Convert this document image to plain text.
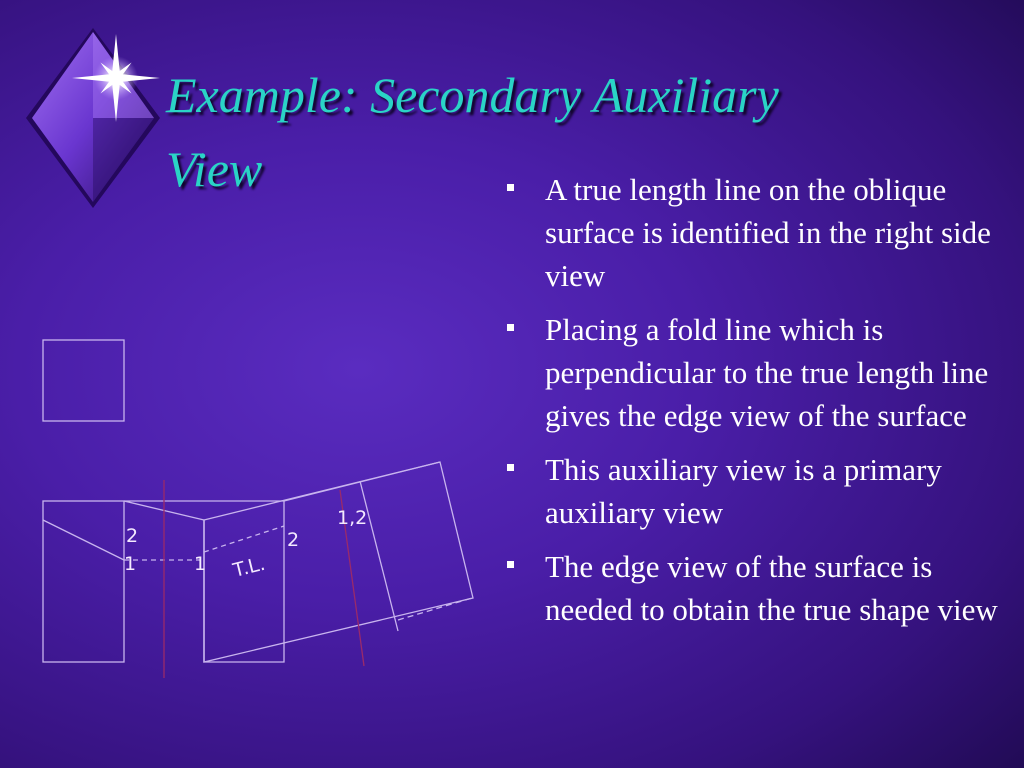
Example: Secondary Auxiliary
View
2
1	1
2
T.L.
1,2
A true length line on the oblique surface is identified in the right side view
Placing a fold line which is perpendicular to the true length line gives the edge view of the surface
This auxiliary view is a primary auxiliary view
The edge view of the surface is needed to obtain the true shape view
